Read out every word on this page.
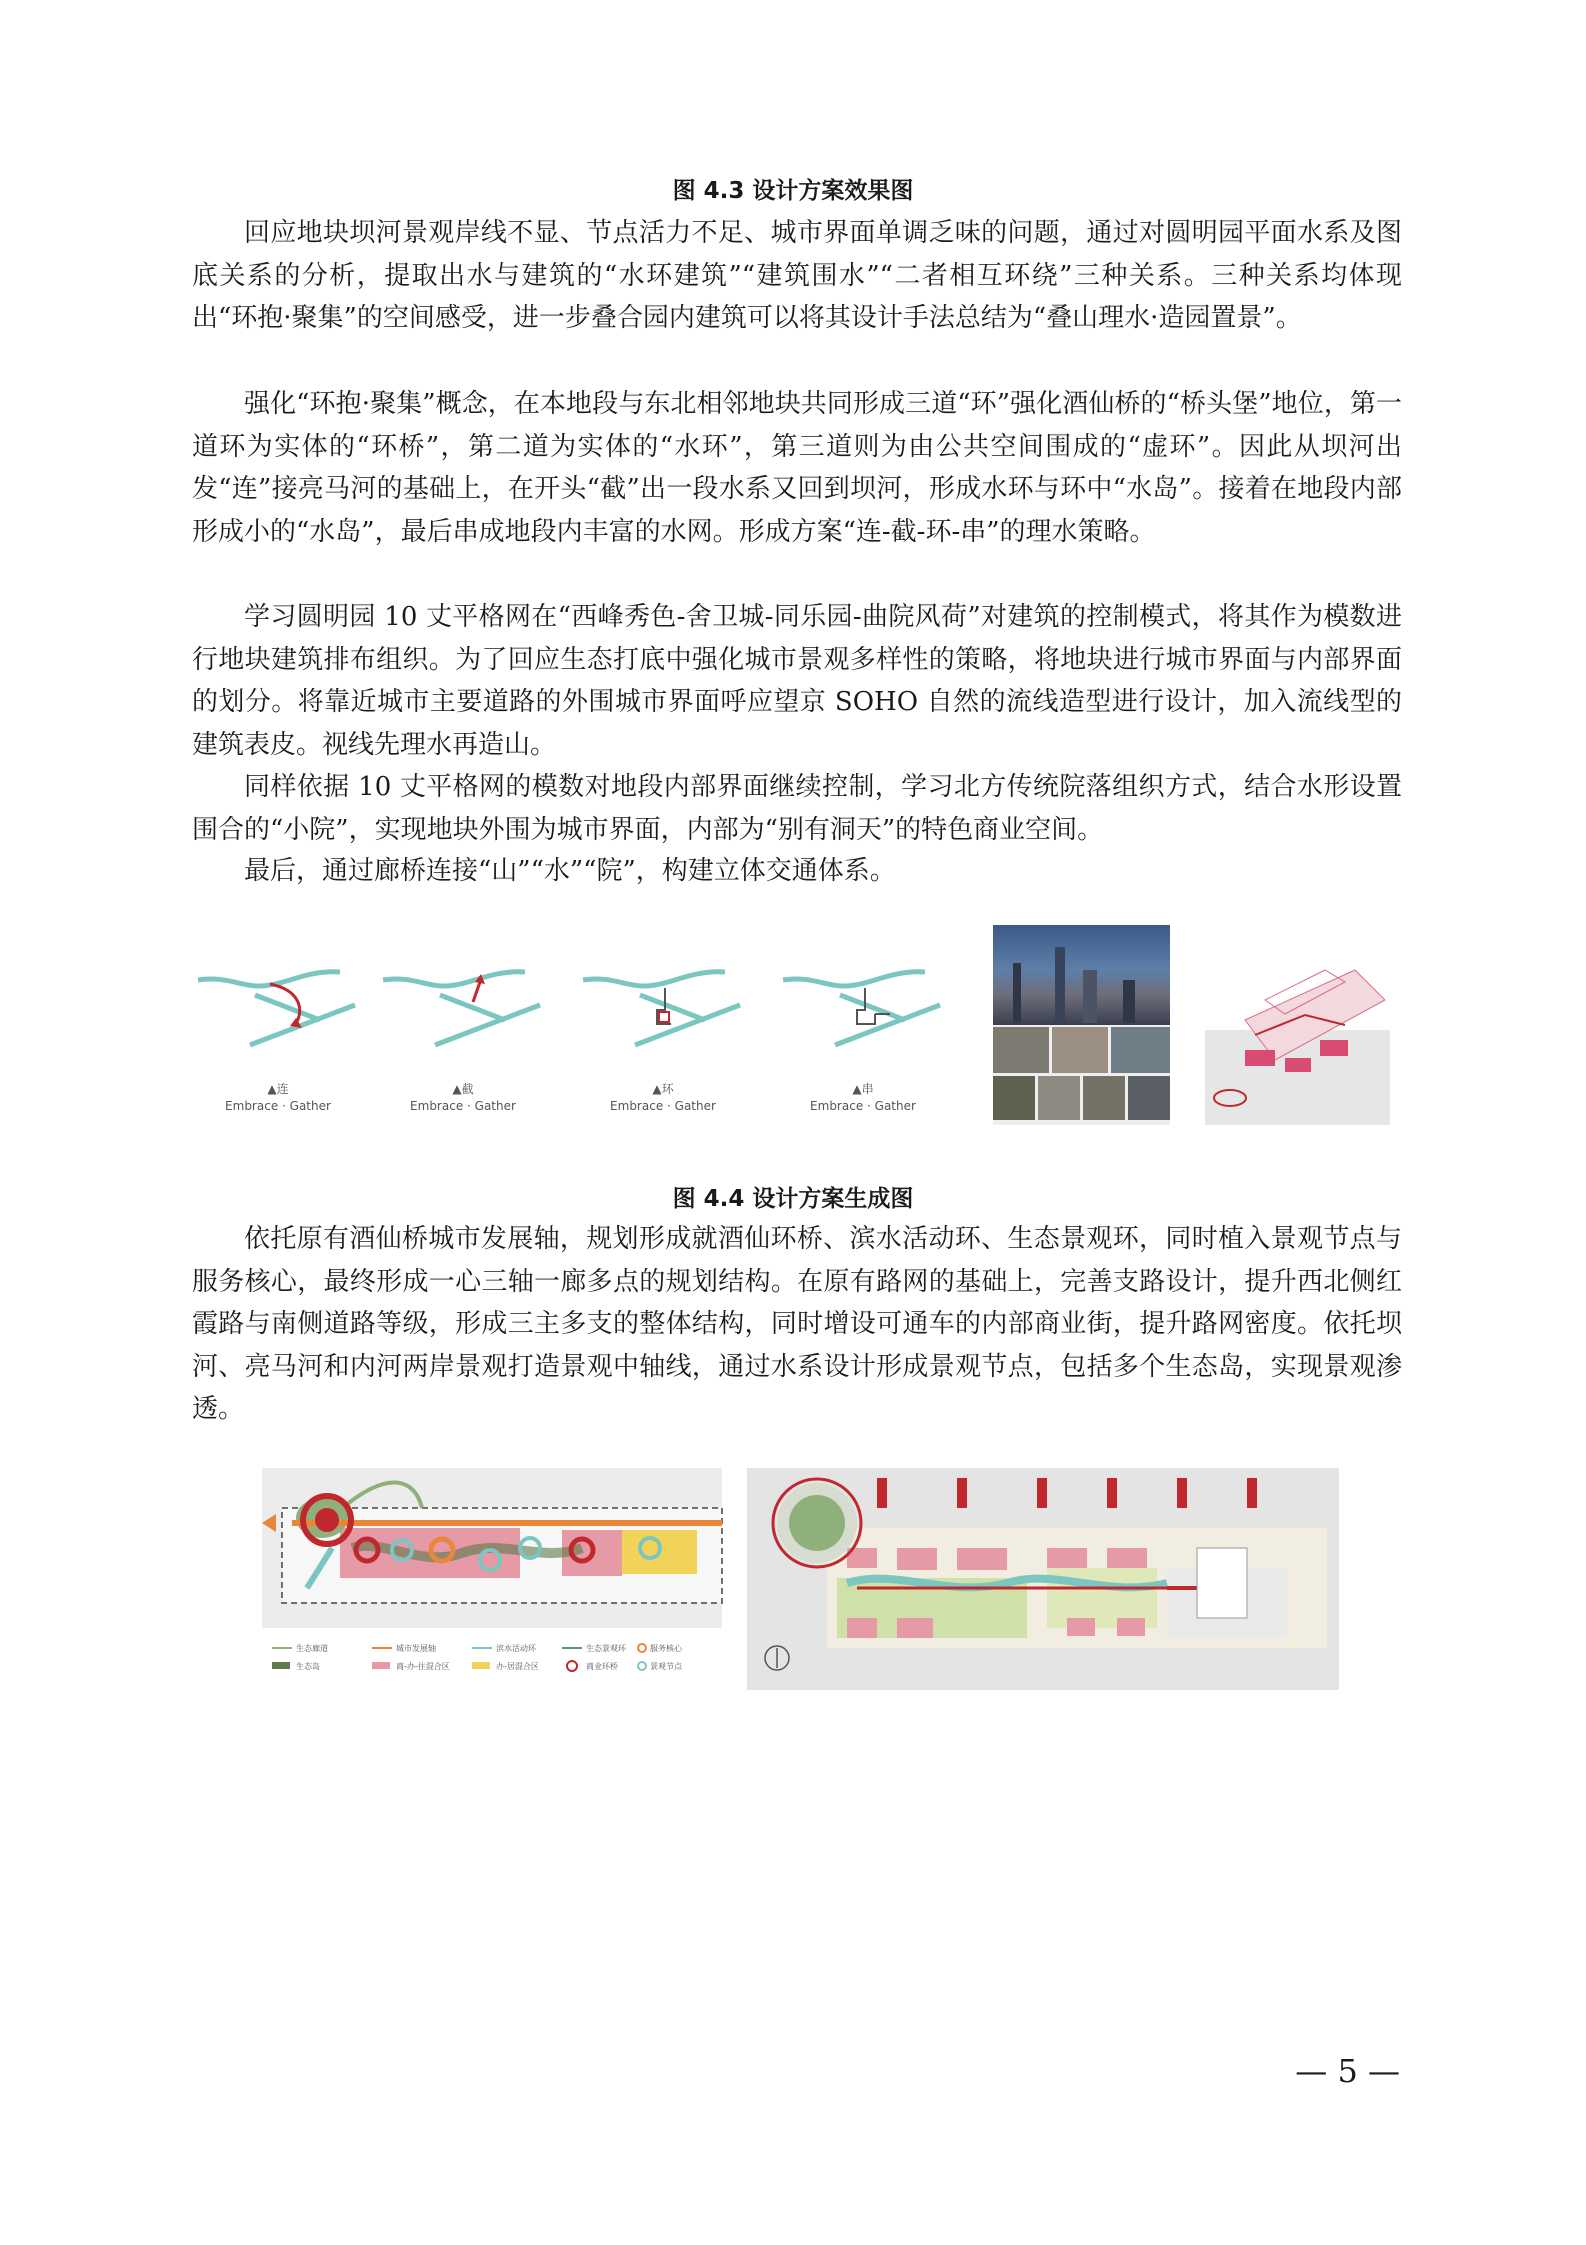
图 4.3 设计方案效果图

回应地块坝河景观岸线不显、节点活力不足、城市界面单调乏味的问题，通过对圆明园平面水系及图底关系的分析，提取出水与建筑的“水环建筑”“建筑围水”“二者相互环绕”三种关系。三种关系均体现出“环抱·聚集”的空间感受，进一步叠合园内建筑可以将其设计手法总结为“叠山理水·造园置景”。

强化“环抱·聚集”概念，在本地段与东北相邻地块共同形成三道“环”强化酒仙桥的“桥头堡”地位，第一道环为实体的“环桥”，第二道为实体的“水环”，第三道则为由公共空间围成的“虚环”。因此从坝河出发“连”接亮马河的基础上，在开头“截”出一段水系又回到坝河，形成水环与环中“水岛”。接着在地段内部形成小的“水岛”，最后串成地段内丰富的水网。形成方案“连-截-环-串”的理水策略。

学习圆明园 10 丈平格网在“西峰秀色-舍卫城-同乐园-曲院风荷”对建筑的控制模式，将其作为模数进行地块建筑排布组织。为了回应生态打底中强化城市景观多样性的策略，将地块进行城市界面与内部界面的划分。将靠近城市主要道路的外围城市界面呼应望京 SOHO 自然的流线造型进行设计，加入流线型的建筑表皮。视线先理水再造山。

同样依据 10 丈平格网的模数对地段内部界面继续控制，学习北方传统院落组织方式，结合水形设置围合的“小院”，实现地块外围为城市界面，内部为“别有洞天”的特色商业空间。

最后，通过廊桥连接“山”“水”“院”，构建立体交通体系。

▲连
Embrace · Gather
▲截
Embrace · Gather
▲环
Embrace · Gather
▲串
Embrace · Gather
图 4.4 设计方案生成图

依托原有酒仙桥城市发展轴，规划形成就酒仙环桥、滨水活动环、生态景观环，同时植入景观节点与服务核心，最终形成一心三轴一廊多点的规划结构。在原有路网的基础上，完善支路设计，提升西北侧红霞路与南侧道路等级，形成三主多支的整体结构，同时增设可通车的内部商业街，提升路网密度。依托坝河、亮马河和内河两岸景观打造景观中轴线，通过水系设计形成景观节点，包括多个生态岛，实现景观渗透。

生态廊道	城市发展轴	滨水活动环	生态景观环	服务核心
生态岛	商-办-住混合区	办-居混合区	商业环桥	景观节点
— 5 —
